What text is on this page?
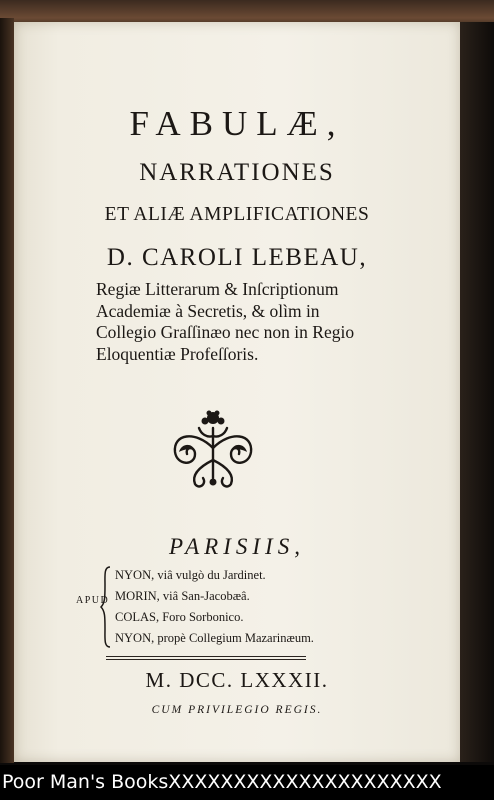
FABULÆ,
NARRATIONES
ET ALIÆ AMPLIFICATIONES
D. CAROLI LEBEAU,
Regiæ Litterarum & Inſcriptionum
Academiæ à Secretis, & olìm in
Collegio Graſſinæo nec non in Regio
Eloquentiæ Profeſſoris.
PARISIIS,
APUD
NYON, viâ vulgò du Jardinet.
MORIN, viâ San-Jacobæâ.
COLAS, Foro Sorbonico.
NYON, propè Collegium Mazarinæum.
M. DCC. LXXXII.
CUM PRIVILEGIO REGIS.
Poor Man's BooksXXXXXXXXXXXXXXXXXXXXX
